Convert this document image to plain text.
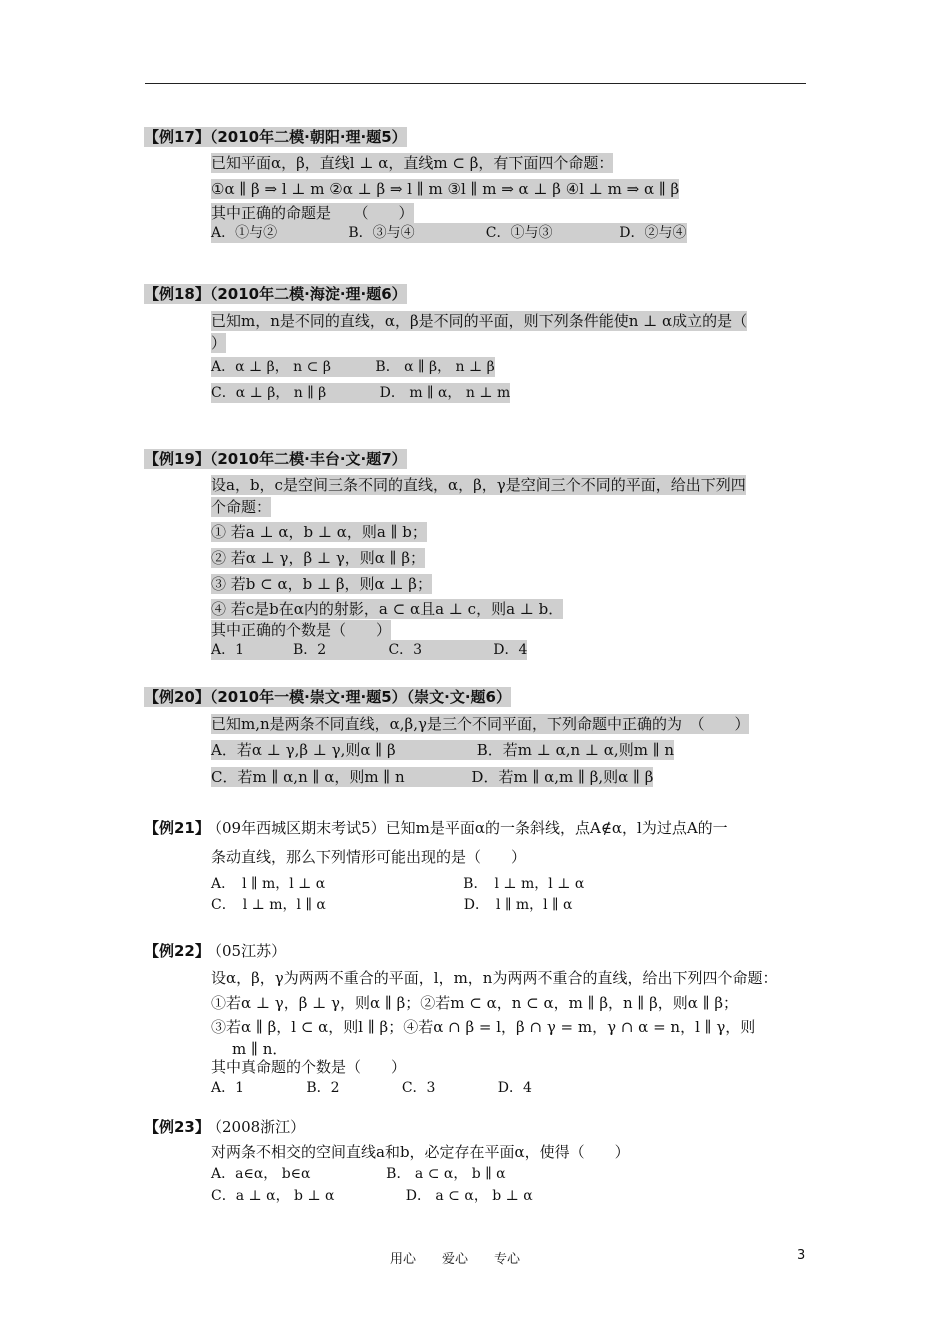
【例17】（2010年二模·朝阳·理·题5）
已知平面α，β，直线l ⊥ α，直线m ⊂ β，有下面四个命题：
①α ∥ β ⇒ l ⊥ m ②α ⊥ β ⇒ l ∥ m ③l ∥ m ⇒ α ⊥ β ④l ⊥ m ⇒ α ∥ β
其中正确的命题是　　（　　）
A．①与②                B．③与④                C．①与③               D．②与④
【例18】（2010年二模·海淀·理·题6）
已知m，n是不同的直线，α，β是不同的平面，则下列条件能使n ⊥ α成立的是（
）
A．α ⊥ β， n ⊂ β          B． α ∥ β， n ⊥ β
C．α ⊥ β， n ∥ β            D． m ∥ α， n ⊥ m
【例19】（2010年二模·丰台·文·题7）
设a，b，c是空间三条不同的直线，α，β，γ是空间三个不同的平面，给出下列四
个命题：
① 若a ⊥ α，b ⊥ α，则a ∥ b；
② 若α ⊥ γ，β ⊥ γ，则α ∥ β；
③ 若b ⊂ α，b ⊥ β，则α ⊥ β；
④ 若c是b在α内的射影，a ⊂ α且a ⊥ c，则a ⊥ b．
其中正确的个数是（　　）
A．1           B．2              C．3                D．4
【例20】（2010年一模·崇文·理·题5）（崇文·文·题6）
已知m,n是两条不同直线，α,β,γ是三个不同平面，下列命题中正确的为　（　　）
A．若α ⊥ γ,β ⊥ γ,则α ∥ β                 B．若m ⊥ α,n ⊥ α,则m ∥ n
C．若m ∥ α,n ∥ α，则m ∥ n              D．若m ∥ α,m ∥ β,则α ∥ β
【例21】
（09年西城区期末考试5）已知m是平面α的一条斜线，点A∉α，l为过点A的一
条动直线，那么下列情形可能出现的是（　　）
A．　l ∥ m，l ⊥ α                               B．　l ⊥ m，l ⊥ α
C．　l ⊥ m，l ∥ α                               D．　l ∥ m，l ∥ α
【例22】
（05江苏）
设α，β，γ为两两不重合的平面，l，m，n为两两不重合的直线，给出下列四个命题：
①若α ⊥ γ，β ⊥ γ，则α ∥ β；②若m ⊂ α，n ⊂ α，m ∥ β，n ∥ β，则α ∥ β；
③若α ∥ β，l ⊂ α，则l ∥ β；④若α ∩ β = l，β ∩ γ = m，γ ∩ α = n，l ∥ γ，则
m ∥ n．
其中真命题的个数是（　　）
A．1              B．2              C．3              D．4
【例23】
（2008浙江）
对两条不相交的空间直线a和b，必定存在平面α，使得（　　）
A．a∈α， b∈α                 B． a ⊂ α， b ∥ α
C．a ⊥ α， b ⊥ α                D． a ⊂ α， b ⊥ α
用心　　爱心　　专心	3
